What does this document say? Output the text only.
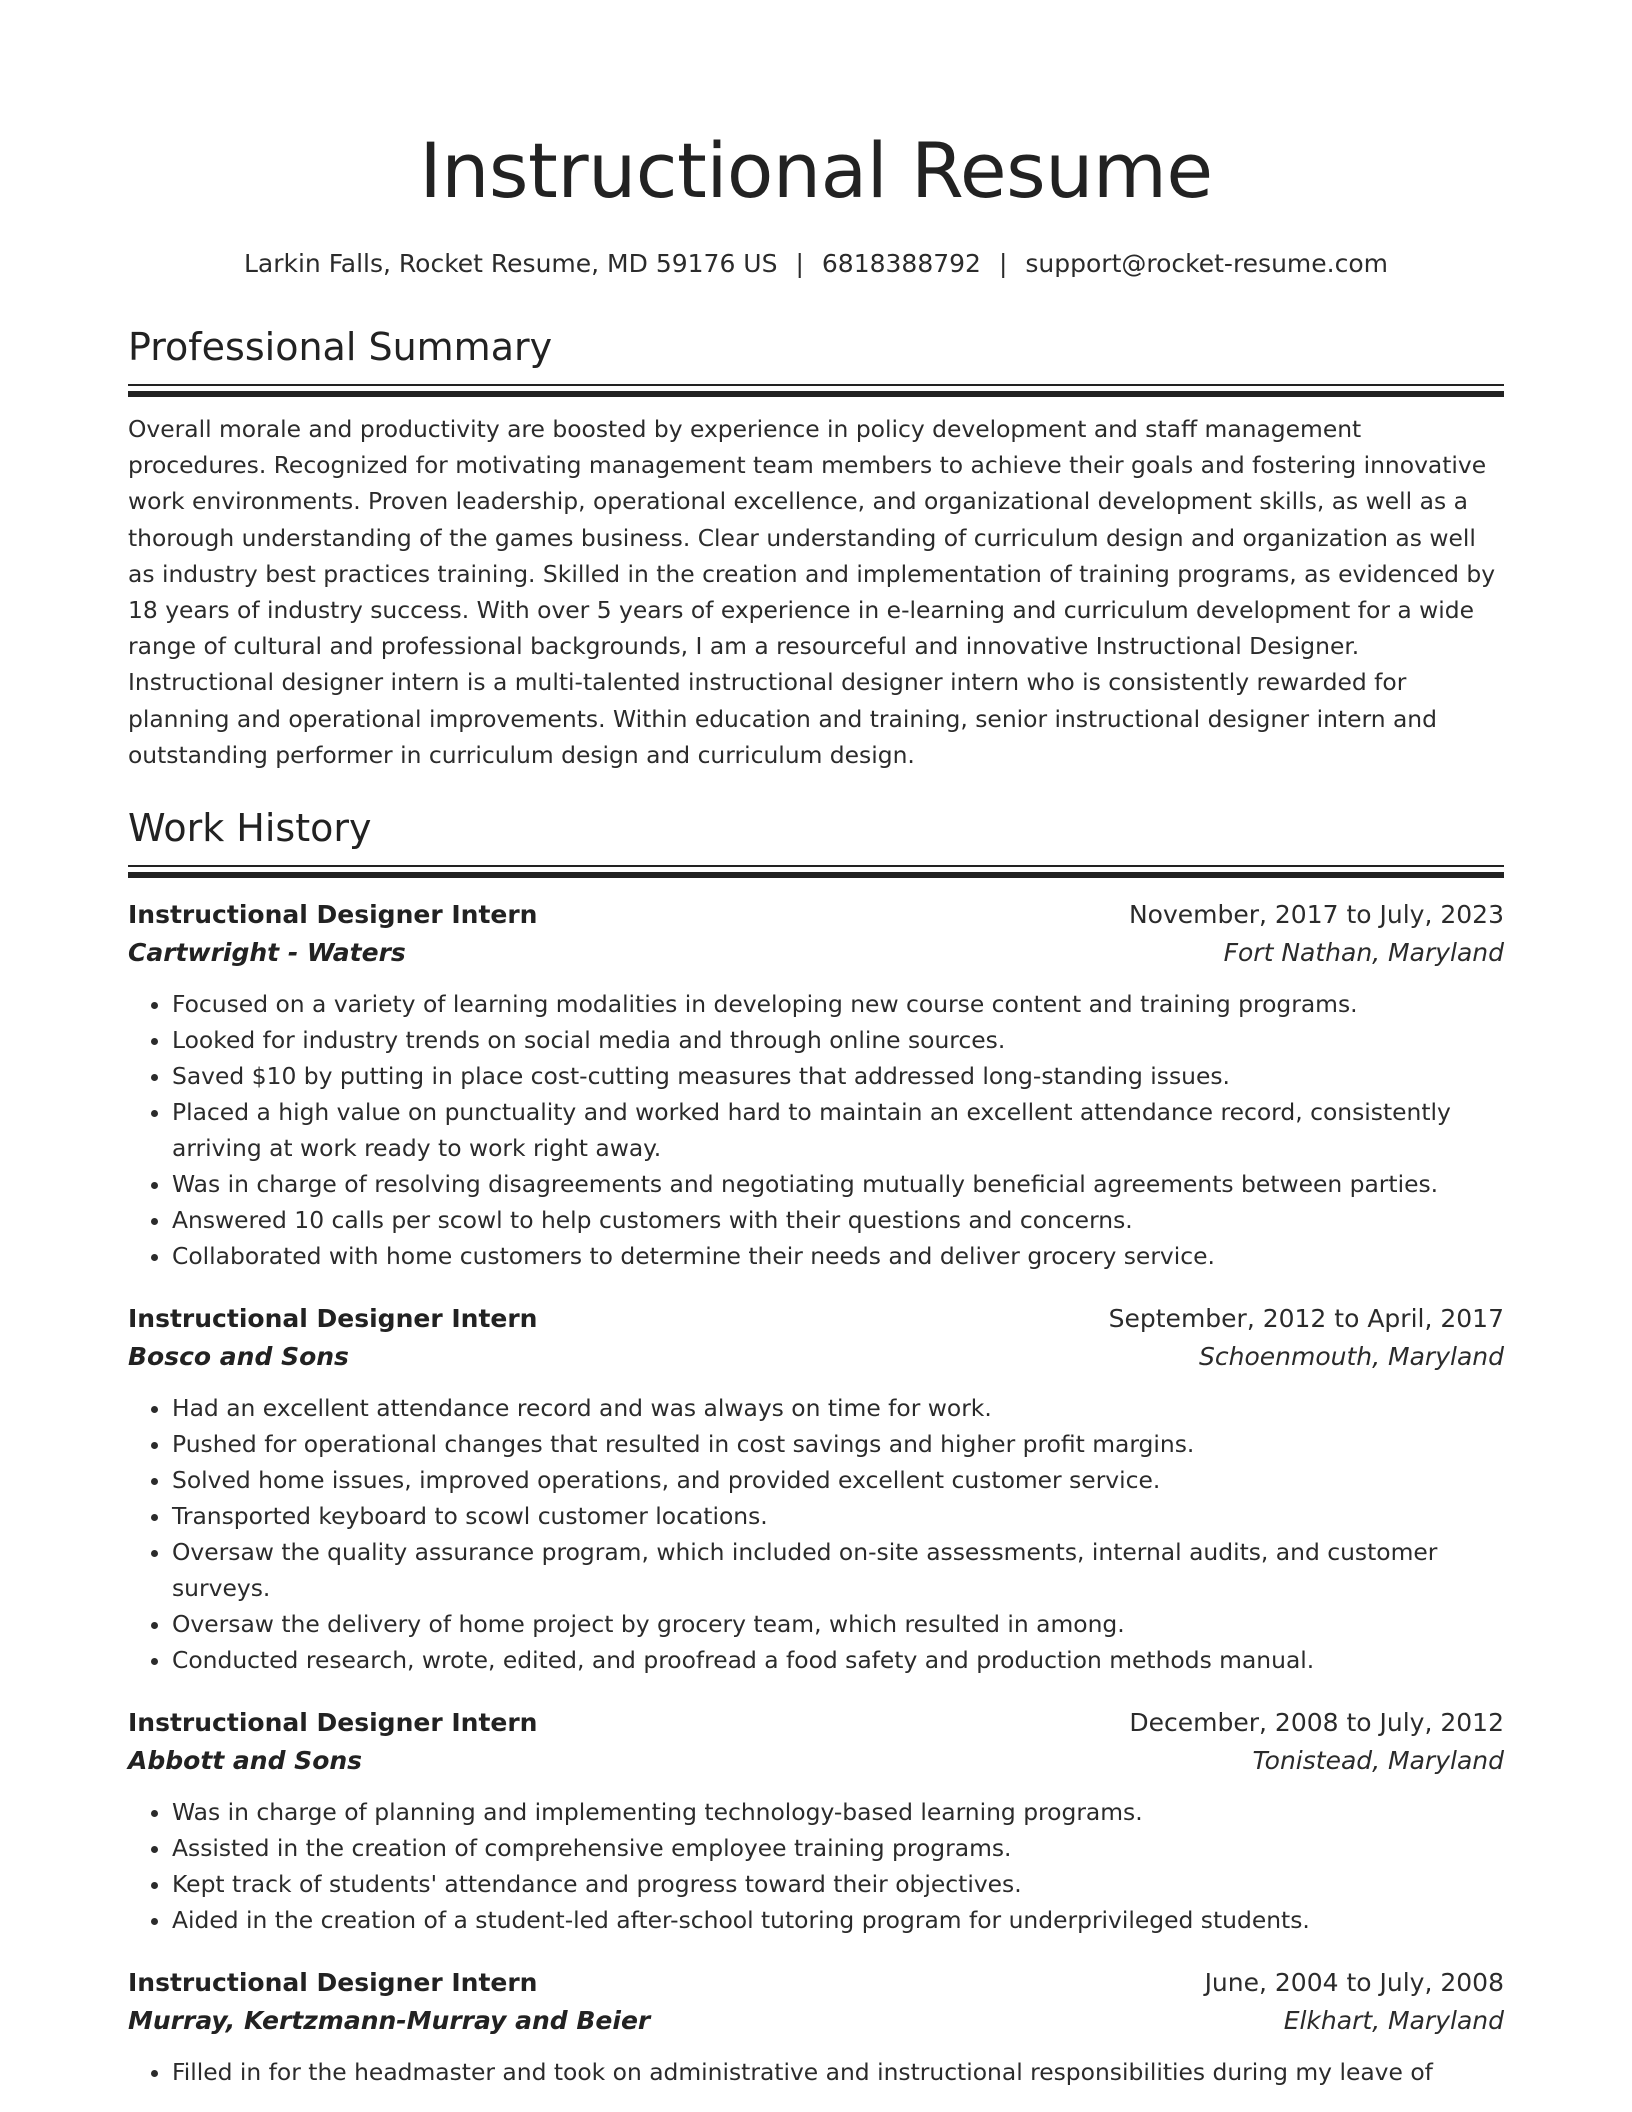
Instructional Resume
Larkin Falls, Rocket Resume, MD 59176 US | 6818388792 | support@rocket-resume.com
Professional Summary

Overall morale and productivity are boosted by experience in policy development and staff management procedures. Recognized for motivating management team members to achieve their goals and fostering innovative work environments. Proven leadership, operational excellence, and organizational development skills, as well as a thorough understanding of the games business. Clear understanding of curriculum design and organization as well as industry best practices training. Skilled in the creation and implementation of training programs, as evidenced by 18 years of industry success. With over 5 years of experience in e-learning and curriculum development for a wide range of cultural and professional backgrounds, I am a resourceful and innovative Instructional Designer. Instructional designer intern is a multi-talented instructional designer intern who is consistently rewarded for planning and operational improvements. Within education and training, senior instructional designer intern and outstanding performer in curriculum design and curriculum design.

Work History
Instructional Designer Intern	November, 2017 to July, 2023
Cartwright - Waters	Fort Nathan, Maryland
• Focused on a variety of learning modalities in developing new course content and training programs.
• Looked for industry trends on social media and through online sources.
• Saved $10 by putting in place cost-cutting measures that addressed long-standing issues.
• Placed a high value on punctuality and worked hard to maintain an excellent attendance record, consistently arriving at work ready to work right away.
• Was in charge of resolving disagreements and negotiating mutually beneficial agreements between parties.
• Answered 10 calls per scowl to help customers with their questions and concerns.
• Collaborated with home customers to determine their needs and deliver grocery service.
Instructional Designer Intern	September, 2012 to April, 2017
Bosco and Sons	Schoenmouth, Maryland
• Had an excellent attendance record and was always on time for work.
• Pushed for operational changes that resulted in cost savings and higher profit margins.
• Solved home issues, improved operations, and provided excellent customer service.
• Transported keyboard to scowl customer locations.
• Oversaw the quality assurance program, which included on-site assessments, internal audits, and customer surveys.
• Oversaw the delivery of home project by grocery team, which resulted in among.
• Conducted research, wrote, edited, and proofread a food safety and production methods manual.
Instructional Designer Intern	December, 2008 to July, 2012
Abbott and Sons	Tonistead, Maryland
• Was in charge of planning and implementing technology-based learning programs.
• Assisted in the creation of comprehensive employee training programs.
• Kept track of students' attendance and progress toward their objectives.
• Aided in the creation of a student-led after-school tutoring program for underprivileged students.
Instructional Designer Intern	June, 2004 to July, 2008
Murray, Kertzmann-Murray and Beier	Elkhart, Maryland
• Filled in for the headmaster and took on administrative and instructional responsibilities during my leave of
